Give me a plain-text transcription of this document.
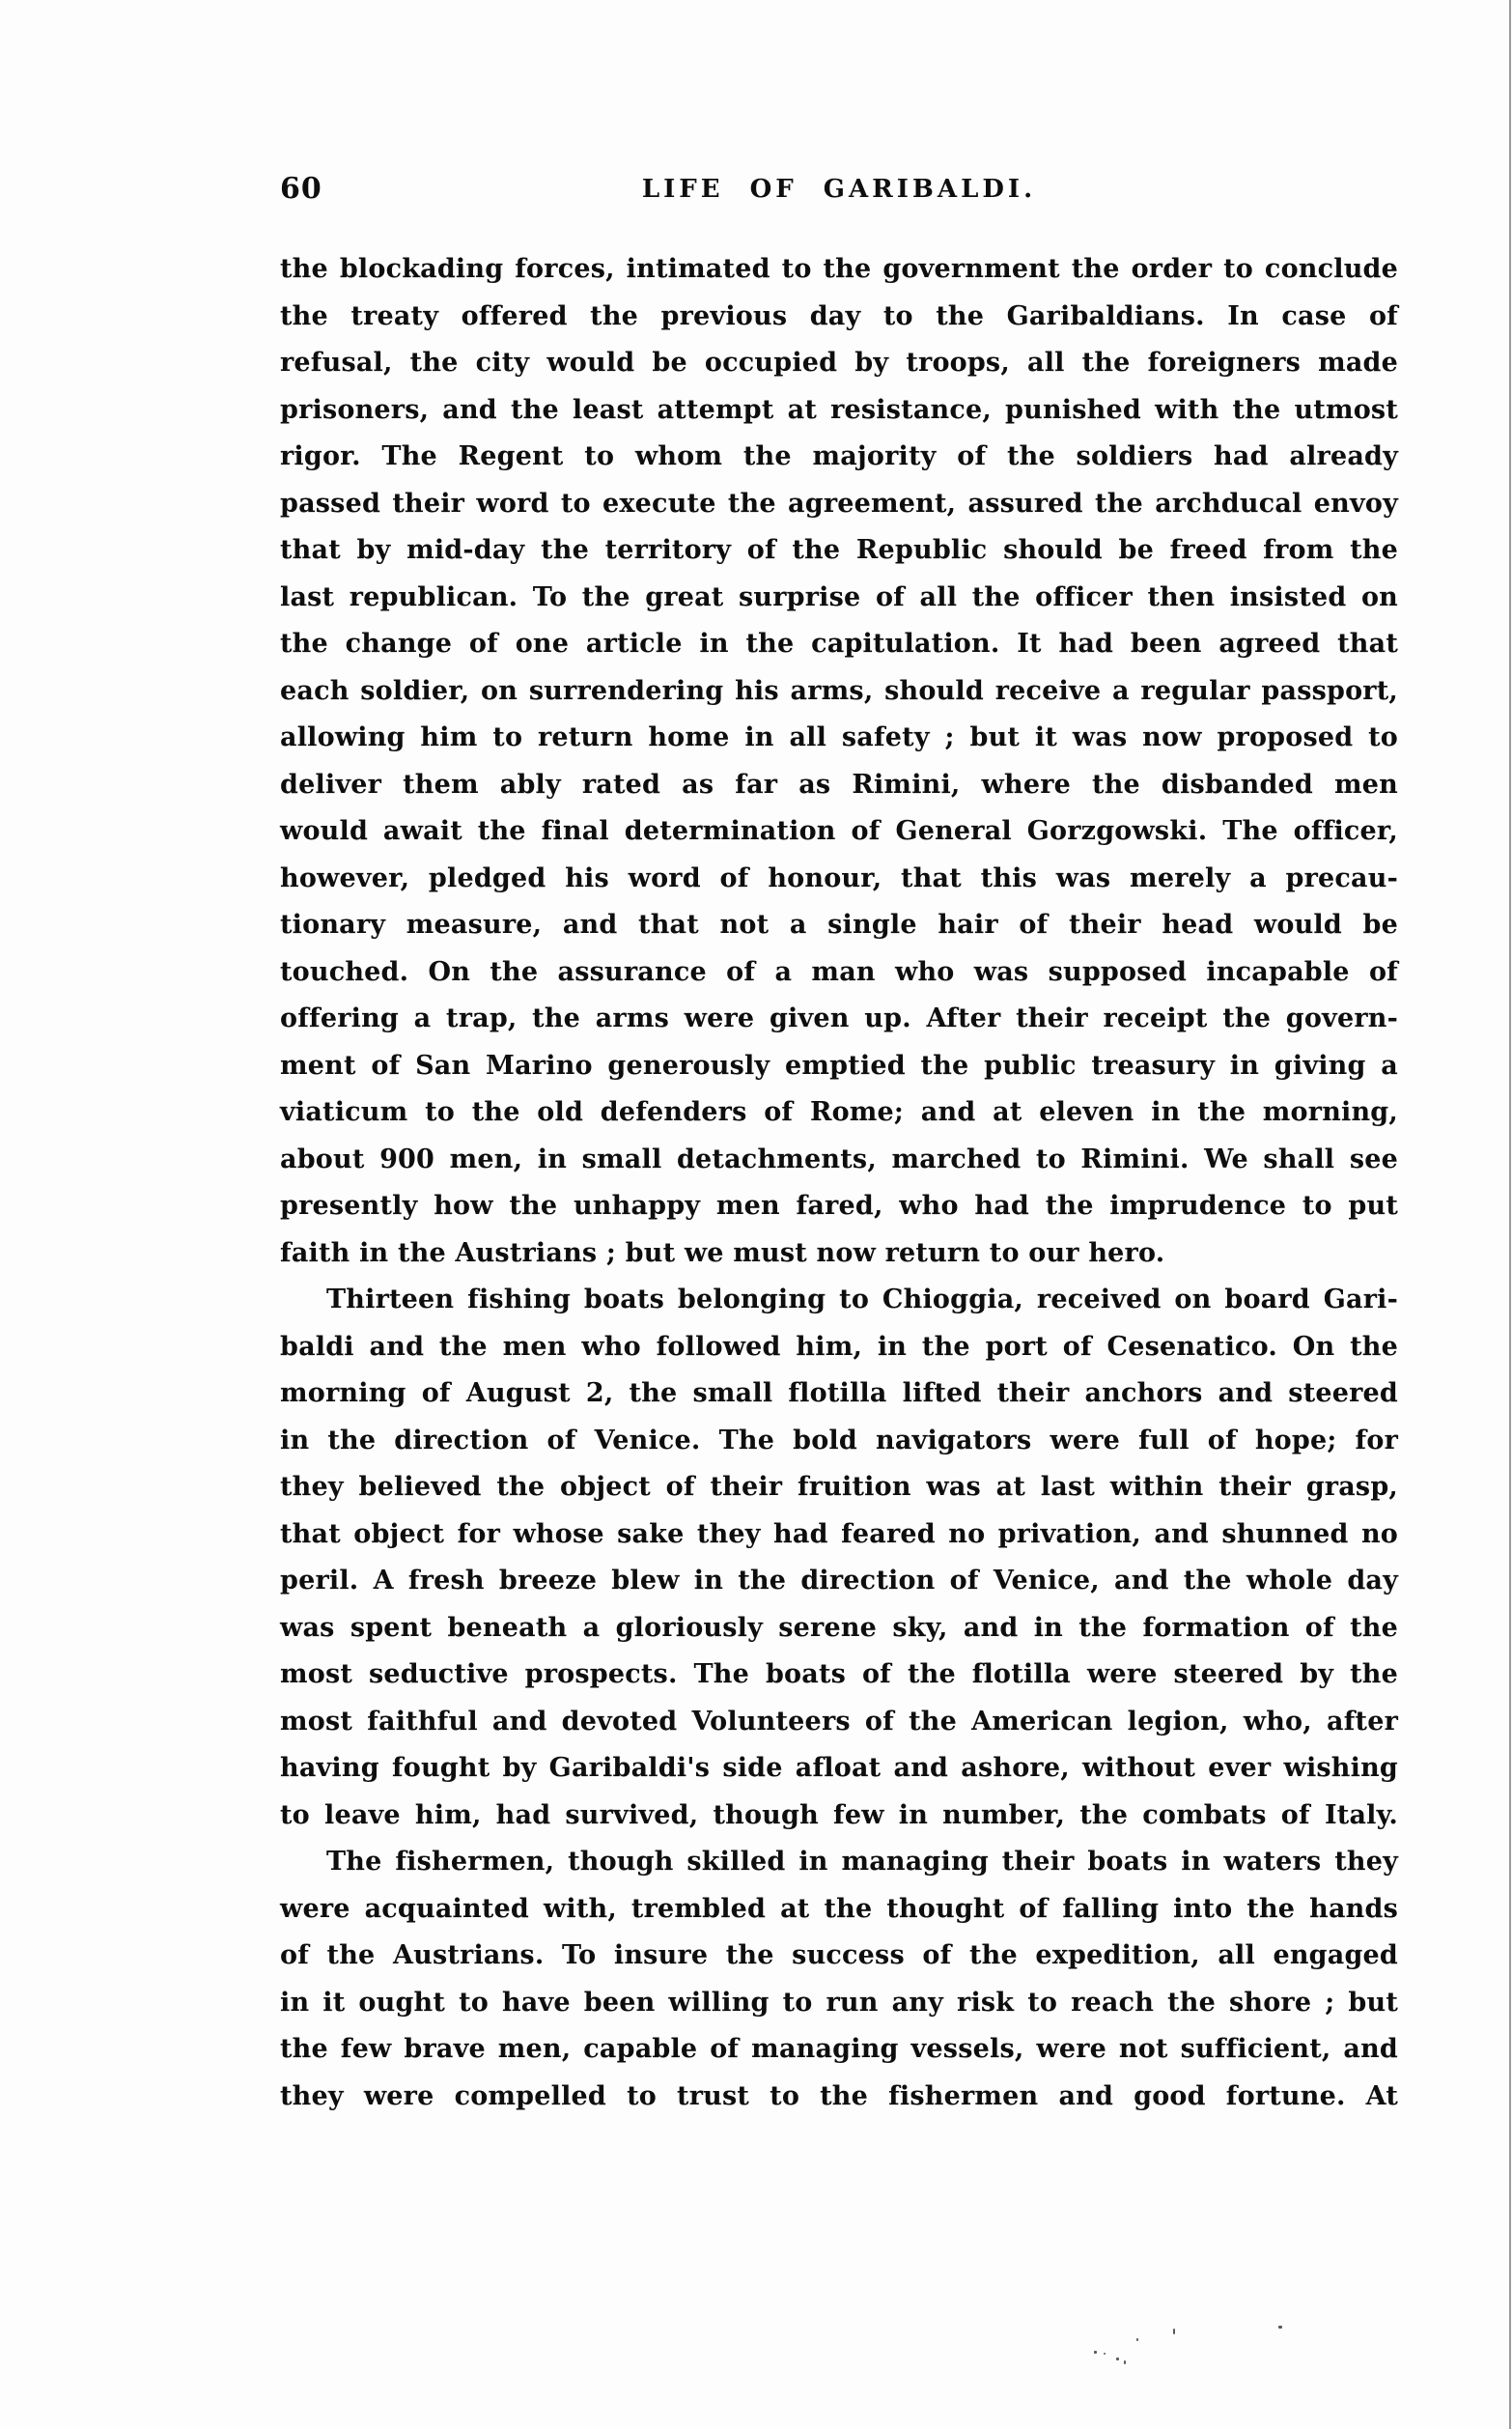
60	LIFE OF GARIBALDI.
the blockading forces, intimated to the government the order to conclude
the treaty offered the previous day to the Garibaldians. In case of
refusal, the city would be occupied by troops, all the foreigners made
prisoners, and the least attempt at resistance, punished with the utmost
rigor. The Regent to whom the majority of the soldiers had already
passed their word to execute the agreement, assured the archducal envoy
that by mid-day the territory of the Republic should be freed from the
last republican. To the great surprise of all the officer then insisted on
the change of one article in the capitulation. It had been agreed that
each soldier, on surrendering his arms, should receive a regular passport,
allowing him to return home in all safety ; but it was now proposed to
deliver them ably rated as far as Rimini, where the disbanded men
would await the final determination of General Gorzgowski. The officer,
however, pledged his word of honour, that this was merely a precau-
tionary measure, and that not a single hair of their head would be
touched. On the assurance of a man who was supposed incapable of
offering a trap, the arms were given up. After their receipt the govern-
ment of San Marino generously emptied the public treasury in giving a
viaticum to the old defenders of Rome; and at eleven in the morning,
about 900 men, in small detachments, marched to Rimini. We shall see
presently how the unhappy men fared, who had the imprudence to put
faith in the Austrians ; but we must now return to our hero.
Thirteen fishing boats belonging to Chioggia, received on board Gari-
baldi and the men who followed him, in the port of Cesenatico. On the
morning of August 2, the small flotilla lifted their anchors and steered
in the direction of Venice. The bold navigators were full of hope; for
they believed the object of their fruition was at last within their grasp,
that object for whose sake they had feared no privation, and shunned no
peril. A fresh breeze blew in the direction of Venice, and the whole day
was spent beneath a gloriously serene sky, and in the formation of the
most seductive prospects. The boats of the flotilla were steered by the
most faithful and devoted Volunteers of the American legion, who, after
having fought by Garibaldi's side afloat and ashore, without ever wishing
to leave him, had survived, though few in number, the combats of Italy.
The fishermen, though skilled in managing their boats in waters they
were acquainted with, trembled at the thought of falling into the hands
of the Austrians. To insure the success of the expedition, all engaged
in it ought to have been willing to run any risk to reach the shore ; but
the few brave men, capable of managing vessels, were not sufficient, and
they were compelled to trust to the fishermen and good fortune. At
